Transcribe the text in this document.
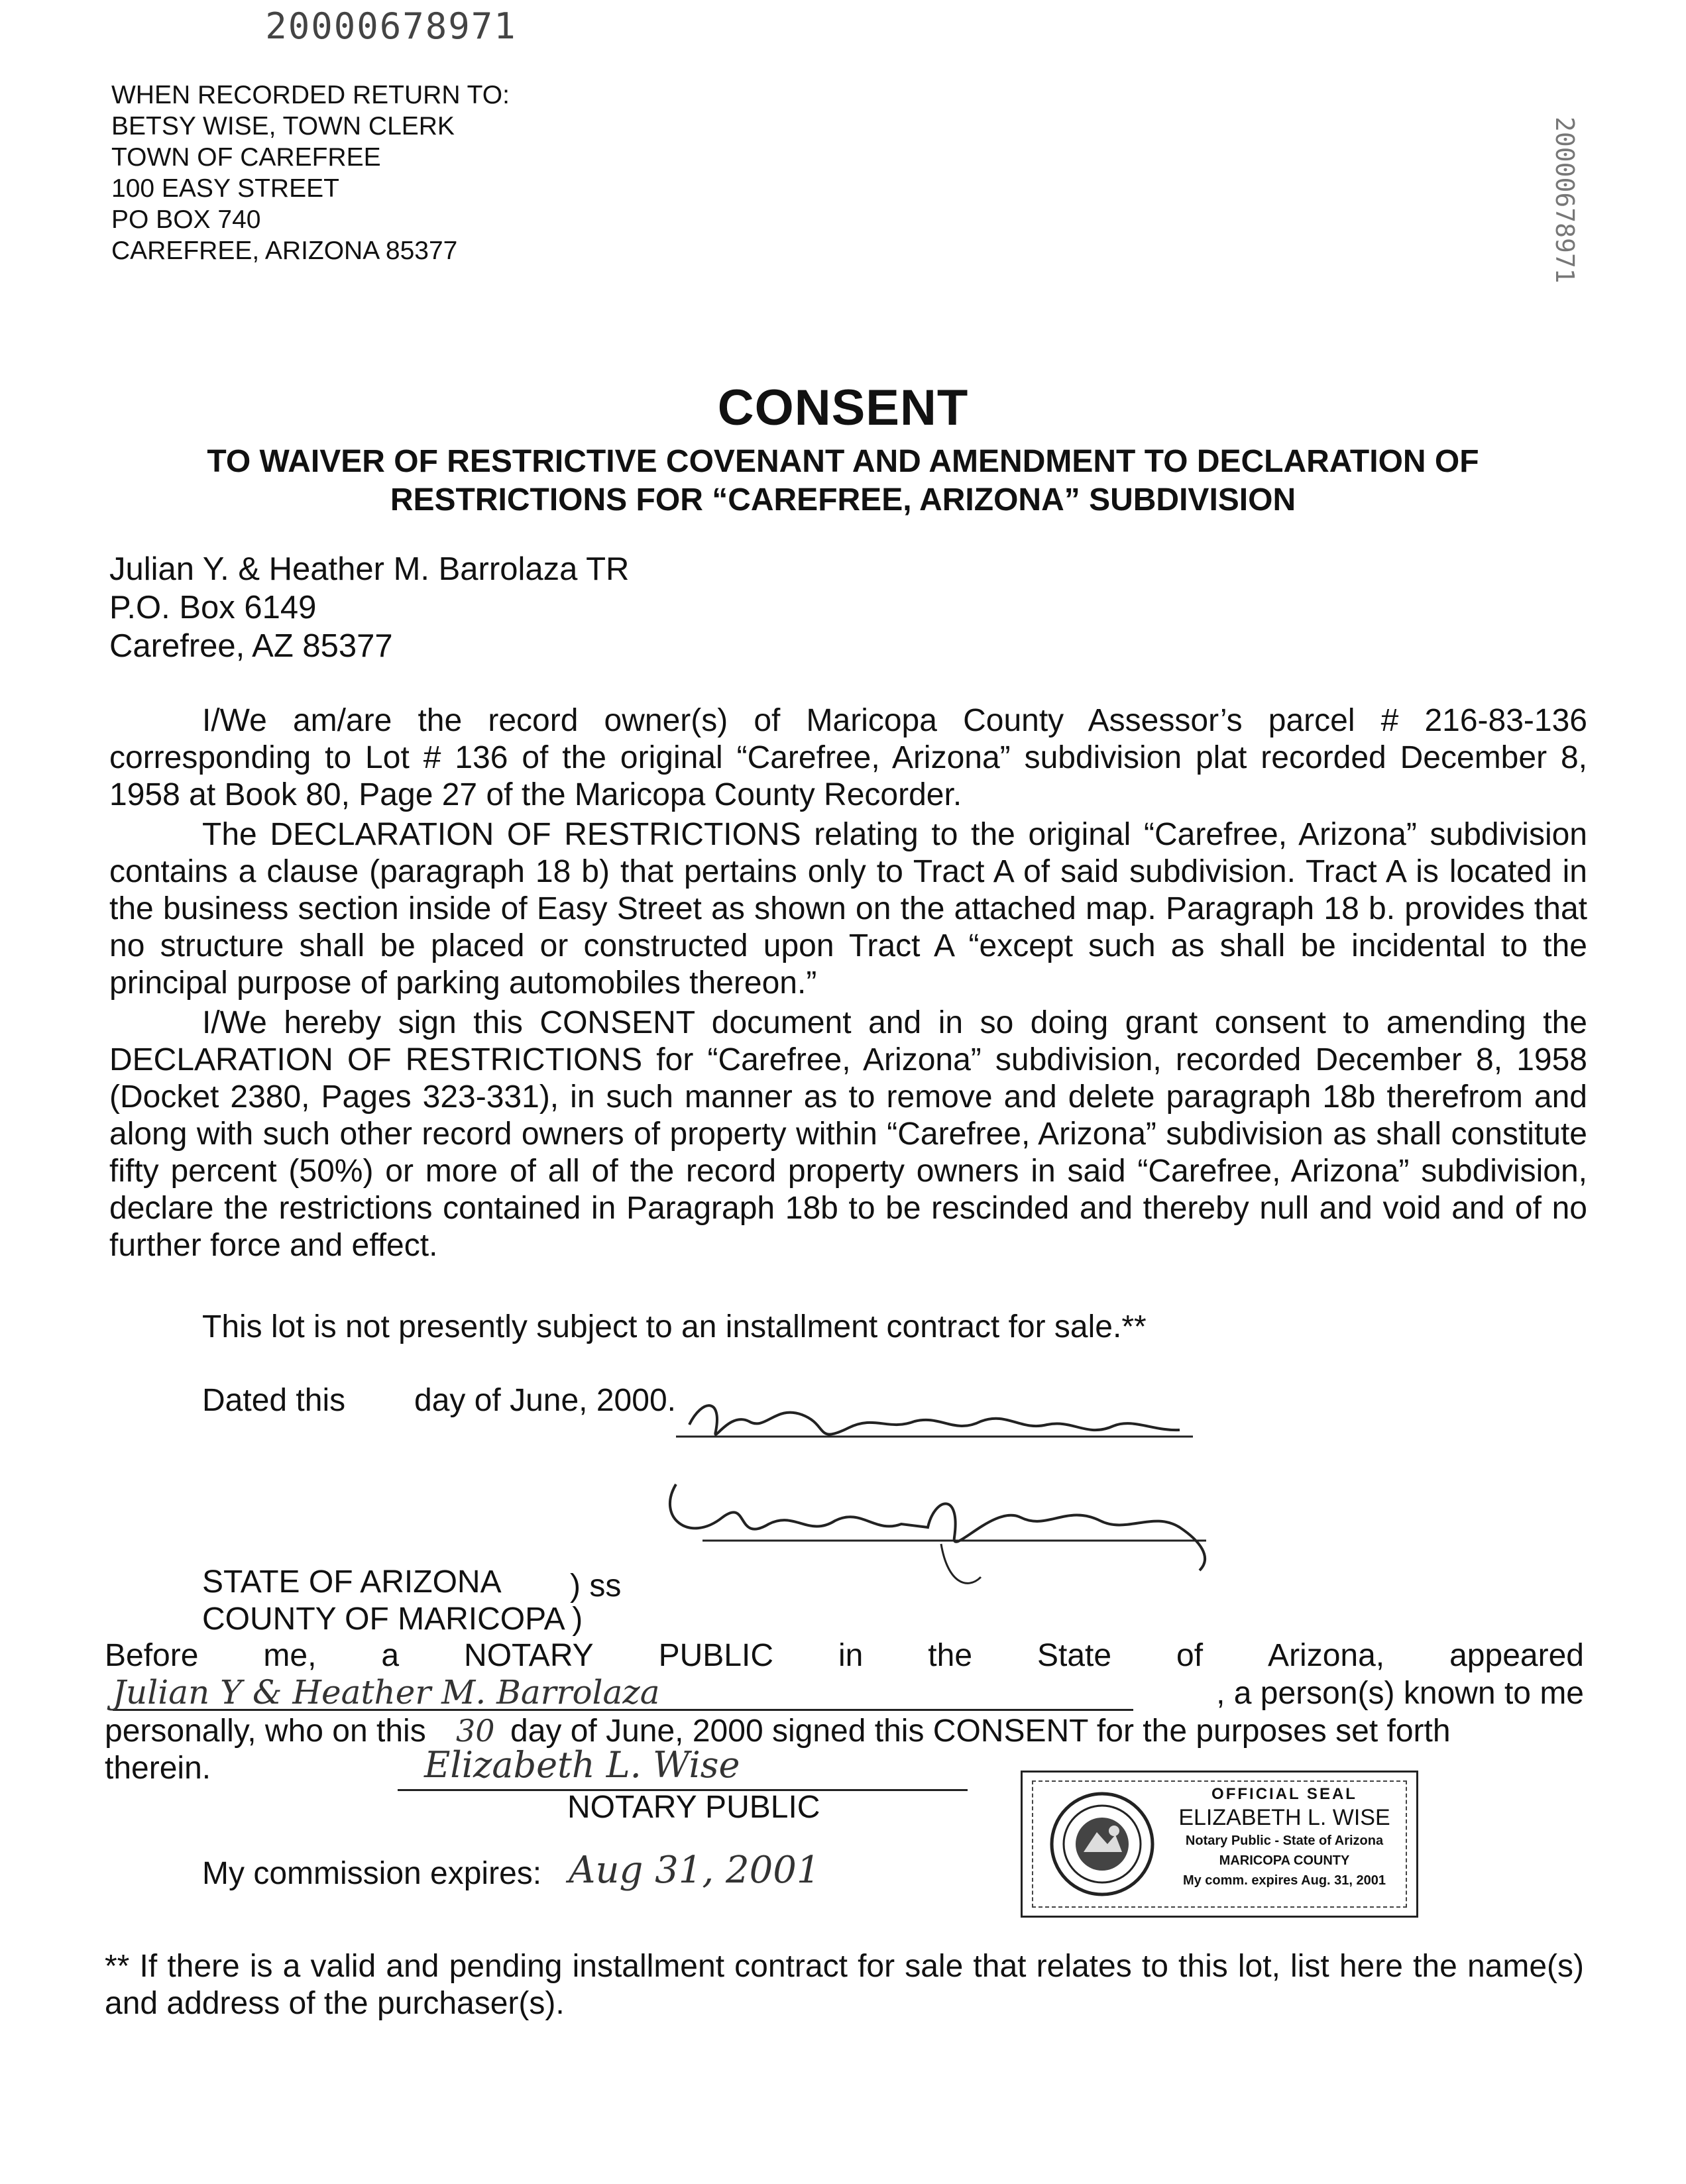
20000678971
20000678971
WHEN RECORDED RETURN TO:
BETSY WISE, TOWN CLERK
TOWN OF CAREFREE
100 EASY STREET
PO BOX 740
CAREFREE, ARIZONA 85377
CONSENT
TO WAIVER OF RESTRICTIVE COVENANT AND AMENDMENT TO DECLARATION OF
RESTRICTIONS FOR “CAREFREE, ARIZONA” SUBDIVISION
Julian Y. & Heather M. Barrolaza TR
P.O. Box 6149
Carefree, AZ 85377
I/We am/are the record owner(s) of Maricopa County Assessor’s parcel # 216-83-136 corresponding to Lot # 136 of the original “Carefree, Arizona” subdivision plat recorded December 8, 1958 at Book 80, Page 27 of the Maricopa County Recorder.
The DECLARATION OF RESTRICTIONS relating to the original “Carefree, Arizona” subdivision contains a clause (paragraph 18 b) that pertains only to Tract A of said subdivision. Tract A is located in the business section inside of Easy Street as shown on the attached map. Paragraph 18 b. provides that no structure shall be placed or constructed upon Tract A “except such as shall be incidental to the principal purpose of parking automobiles thereon.”
I/We hereby sign this CONSENT document and in so doing grant consent to amending the DECLARATION OF RESTRICTIONS for “Carefree, Arizona” subdivision, recorded December 8, 1958 (Docket 2380, Pages 323-331), in such manner as to remove and delete paragraph 18b therefrom and along with such other record owners of property within “Carefree, Arizona” subdivision as shall constitute fifty percent (50%) or more of all of the record property owners in said “Carefree, Arizona” subdivision, declare the restrictions contained in Paragraph 18b to be rescinded and thereby null and void and of no further force and effect.
This lot is not presently subject to an installment contract for sale.**
Dated this day of June, 2000.
STATE OF ARIZONA ) ss
COUNTY OF MARICOPA )
Before me, a NOTARY PUBLIC in the State of Arizona, appeared
Julian Y & Heather M. Barrolaza	, a person(s) known to me
personally, who on this 30 day of June, 2000 signed this CONSENT for the purposes set forth
therein.	Elizabeth L. Wise
NOTARY PUBLIC
My commission expires: Aug 31, 2001
OFFICIAL SEAL
ELIZABETH L. WISE
Notary Public - State of Arizona
MARICOPA COUNTY
My comm. expires Aug. 31, 2001
** If there is a valid and pending installment contract for sale that relates to this lot, list here the name(s) and address of the purchaser(s).
